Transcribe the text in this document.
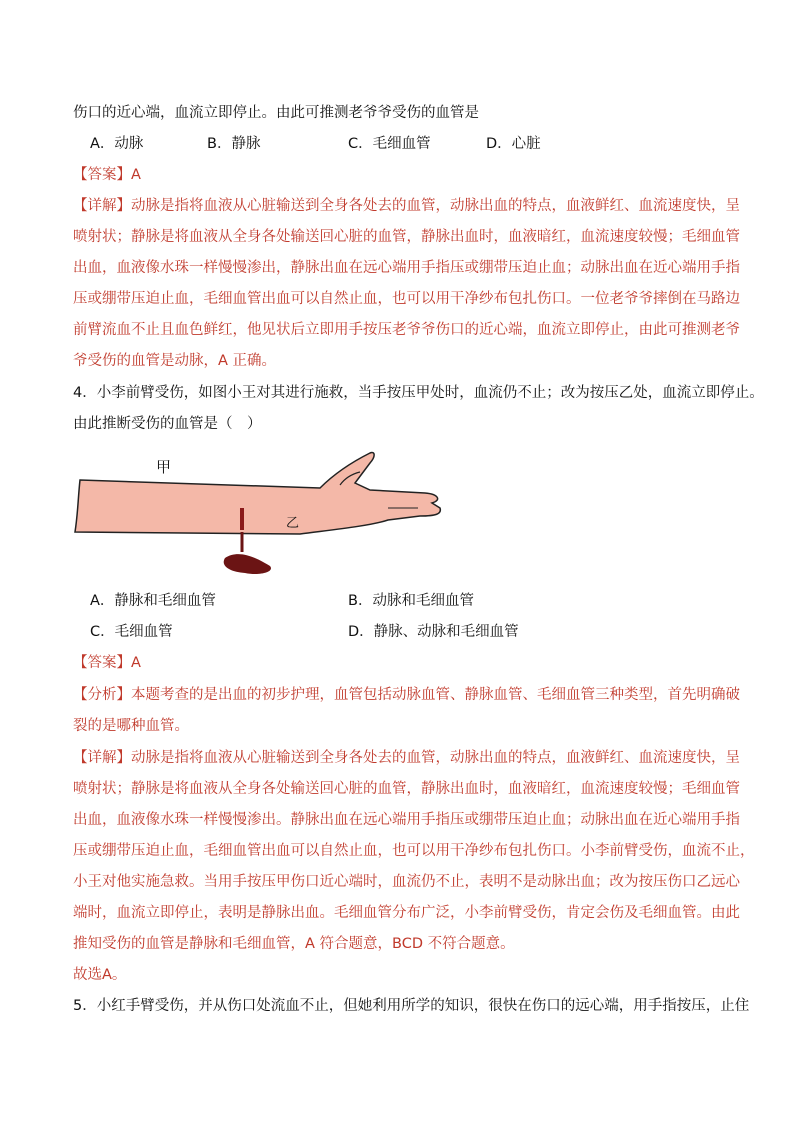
伤口的近心端，血流立即停止。由此可推测老爷爷受伤的血管是
A．动脉	B．静脉	C．毛细血管	D．心脏
【答案】A
【详解】动脉是指将血液从心脏输送到全身各处去的血管，动脉出血的特点，血液鲜红、血流速度快，呈
喷射状；静脉是将血液从全身各处输送回心脏的血管，静脉出血时，血液暗红，血流速度较慢；毛细血管
出血，血液像水珠一样慢慢渗出，静脉出血在远心端用手指压或绷带压迫止血；动脉出血在近心端用手指
压或绷带压迫止血，毛细血管出血可以自然止血，也可以用干净纱布包扎伤口。一位老爷爷摔倒在马路边
前臂流血不止且血色鲜红，他见状后立即用手按压老爷爷伤口的近心端，血流立即停止，由此可推测老爷
爷受伤的血管是动脉，A 正确。
4．小李前臂受伤，如图小王对其进行施救，当手按压甲处时，血流仍不止；改为按压乙处，血流立即停止。
由此推断受伤的血管是（　）
甲
乙
A．静脉和毛细血管	B．动脉和毛细血管
C．毛细血管	D．静脉、动脉和毛细血管
【答案】A
【分析】本题考查的是出血的初步护理，血管包括动脉血管、静脉血管、毛细血管三种类型，首先明确破
裂的是哪种血管。
【详解】动脉是指将血液从心脏输送到全身各处去的血管，动脉出血的特点，血液鲜红、血流速度快，呈
喷射状；静脉是将血液从全身各处输送回心脏的血管，静脉出血时，血液暗红，血流速度较慢；毛细血管
出血，血液像水珠一样慢慢渗出。静脉出血在远心端用手指压或绷带压迫止血；动脉出血在近心端用手指
压或绷带压迫止血，毛细血管出血可以自然止血，也可以用干净纱布包扎伤口。小李前臂受伤，血流不止，
小王对他实施急救。当用手按压甲伤口近心端时，血流仍不止，表明不是动脉出血；改为按压伤口乙远心
端时，血流立即停止，表明是静脉出血。毛细血管分布广泛，小李前臂受伤，肯定会伤及毛细血管。由此
推知受伤的血管是静脉和毛细血管，A 符合题意，BCD 不符合题意。
故选A。
5．小红手臂受伤，并从伤口处流血不止，但她利用所学的知识，很快在伤口的远心端，用手指按压，止住
